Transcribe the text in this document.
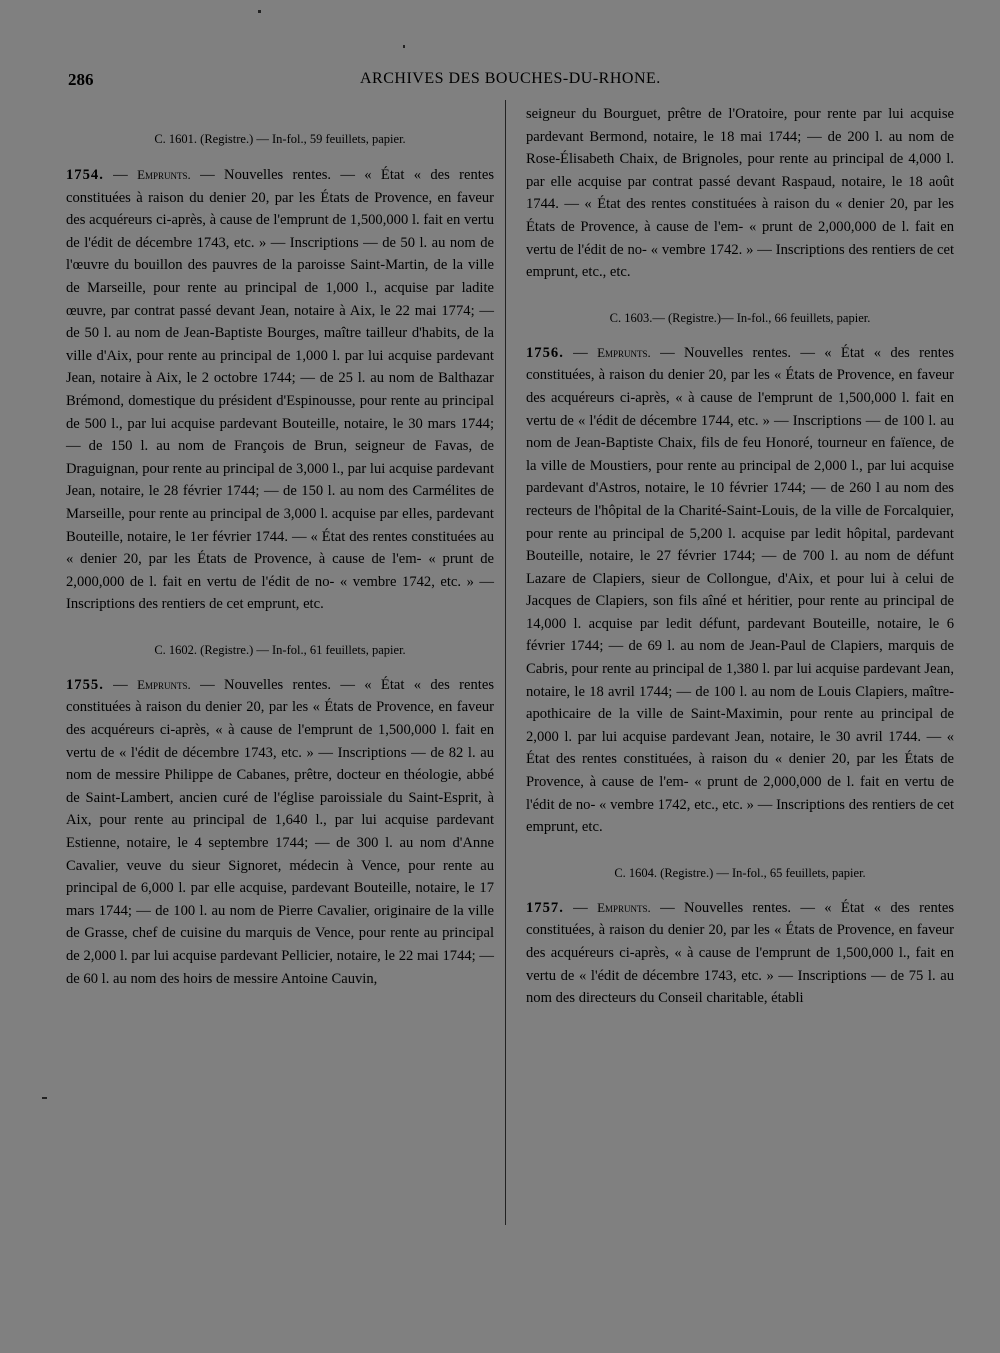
286	ARCHIVES DES BOUCHES-DU-RHONE.

C. 1601. (Registre.) — In-fol., 59 feuillets, papier.

1754. — Emprunts. — Nouvelles rentes. — « État « des rentes constituées à raison du denier 20, par les États de Provence, en faveur des acquéreurs ci-après, à cause de l'emprunt de 1,500,000 l. fait en vertu de l'édit de décembre 1743, etc. » — Inscriptions — de 50 l. au nom de l'œuvre du bouillon des pauvres de la paroisse Saint-Martin, de la ville de Marseille, pour rente au principal de 1,000 l., acquise par ladite œuvre, par contrat passé devant Jean, notaire à Aix, le 22 mai 1774; — de 50 l. au nom de Jean-Baptiste Bourges, maître tailleur d'habits, de la ville d'Aix, pour rente au principal de 1,000 l. par lui acquise pardevant Jean, notaire à Aix, le 2 octobre 1744; — de 25 l. au nom de Balthazar Brémond, domestique du président d'Espinousse, pour rente au principal de 500 l., par lui acquise pardevant Bouteille, notaire, le 30 mars 1744; — de 150 l. au nom de François de Brun, seigneur de Favas, de Draguignan, pour rente au principal de 3,000 l., par lui acquise pardevant Jean, notaire, le 28 février 1744; — de 150 l. au nom des Carmélites de Marseille, pour rente au principal de 3,000 l. acquise par elles, pardevant Bouteille, notaire, le 1er février 1744. — « État des rentes constituées au « denier 20, par les États de Provence, à cause de l'em- « prunt de 2,000,000 de l. fait en vertu de l'édit de no- « vembre 1742, etc. » — Inscriptions des rentiers de cet emprunt, etc.

C. 1602. (Registre.) — In-fol., 61 feuillets, papier.

1755. — Emprunts. — Nouvelles rentes. — « État « des rentes constituées à raison du denier 20, par les « États de Provence, en faveur des acquéreurs ci-après, « à cause de l'emprunt de 1,500,000 l. fait en vertu de « l'édit de décembre 1743, etc. » — Inscriptions — de 82 l. au nom de messire Philippe de Cabanes, prêtre, docteur en théologie, abbé de Saint-Lambert, ancien curé de l'église paroissiale du Saint-Esprit, à Aix, pour rente au principal de 1,640 l., par lui acquise pardevant Estienne, notaire, le 4 septembre 1744; — de 300 l. au nom d'Anne Cavalier, veuve du sieur Signoret, médecin à Vence, pour rente au principal de 6,000 l. par elle acquise, pardevant Bouteille, notaire, le 17 mars 1744; — de 100 l. au nom de Pierre Cavalier, originaire de la ville de Grasse, chef de cuisine du marquis de Vence, pour rente au principal de 2,000 l. par lui acquise pardevant Pellicier, notaire, le 22 mai 1744; — de 60 l. au nom des hoirs de messire Antoine Cauvin,

seigneur du Bourguet, prêtre de l'Oratoire, pour rente par lui acquise pardevant Bermond, notaire, le 18 mai 1744; — de 200 l. au nom de Rose-Élisabeth Chaix, de Brignoles, pour rente au principal de 4,000 l. par elle acquise par contrat passé devant Raspaud, notaire, le 18 août 1744. — « État des rentes constituées à raison du « denier 20, par les États de Provence, à cause de l'em- « prunt de 2,000,000 de l. fait en vertu de l'édit de no- « vembre 1742. » — Inscriptions des rentiers de cet emprunt, etc., etc.

C. 1603.— (Registre.)— In-fol., 66 feuillets, papier.

1756. — Emprunts. — Nouvelles rentes. — « État « des rentes constituées, à raison du denier 20, par les « États de Provence, en faveur des acquéreurs ci-après, « à cause de l'emprunt de 1,500,000 l. fait en vertu de « l'édit de décembre 1744, etc. » — Inscriptions — de 100 l. au nom de Jean-Baptiste Chaix, fils de feu Honoré, tourneur en faïence, de la ville de Moustiers, pour rente au principal de 2,000 l., par lui acquise pardevant d'Astros, notaire, le 10 février 1744; — de 260 l au nom des recteurs de l'hôpital de la Charité-Saint-Louis, de la ville de Forcalquier, pour rente au principal de 5,200 l. acquise par ledit hôpital, pardevant Bouteille, notaire, le 27 février 1744; — de 700 l. au nom de défunt Lazare de Clapiers, sieur de Collongue, d'Aix, et pour lui à celui de Jacques de Clapiers, son fils aîné et héritier, pour rente au principal de 14,000 l. acquise par ledit défunt, pardevant Bouteille, notaire, le 6 février 1744; — de 69 l. au nom de Jean-Paul de Clapiers, marquis de Cabris, pour rente au principal de 1,380 l. par lui acquise pardevant Jean, notaire, le 18 avril 1744; — de 100 l. au nom de Louis Clapiers, maître-apothicaire de la ville de Saint-Maximin, pour rente au principal de 2,000 l. par lui acquise pardevant Jean, notaire, le 30 avril 1744. — « État des rentes constituées, à raison du « denier 20, par les États de Provence, à cause de l'em- « prunt de 2,000,000 de l. fait en vertu de l'édit de no- « vembre 1742, etc., etc. » — Inscriptions des rentiers de cet emprunt, etc.

C. 1604. (Registre.) — In-fol., 65 feuillets, papier.

1757. — Emprunts. — Nouvelles rentes. — « État « des rentes constituées, à raison du denier 20, par les « États de Provence, en faveur des acquéreurs ci-après, « à cause de l'emprunt de 1,500,000 l., fait en vertu de « l'édit de décembre 1743, etc. » — Inscriptions — de 75 l. au nom des directeurs du Conseil charitable, établi
